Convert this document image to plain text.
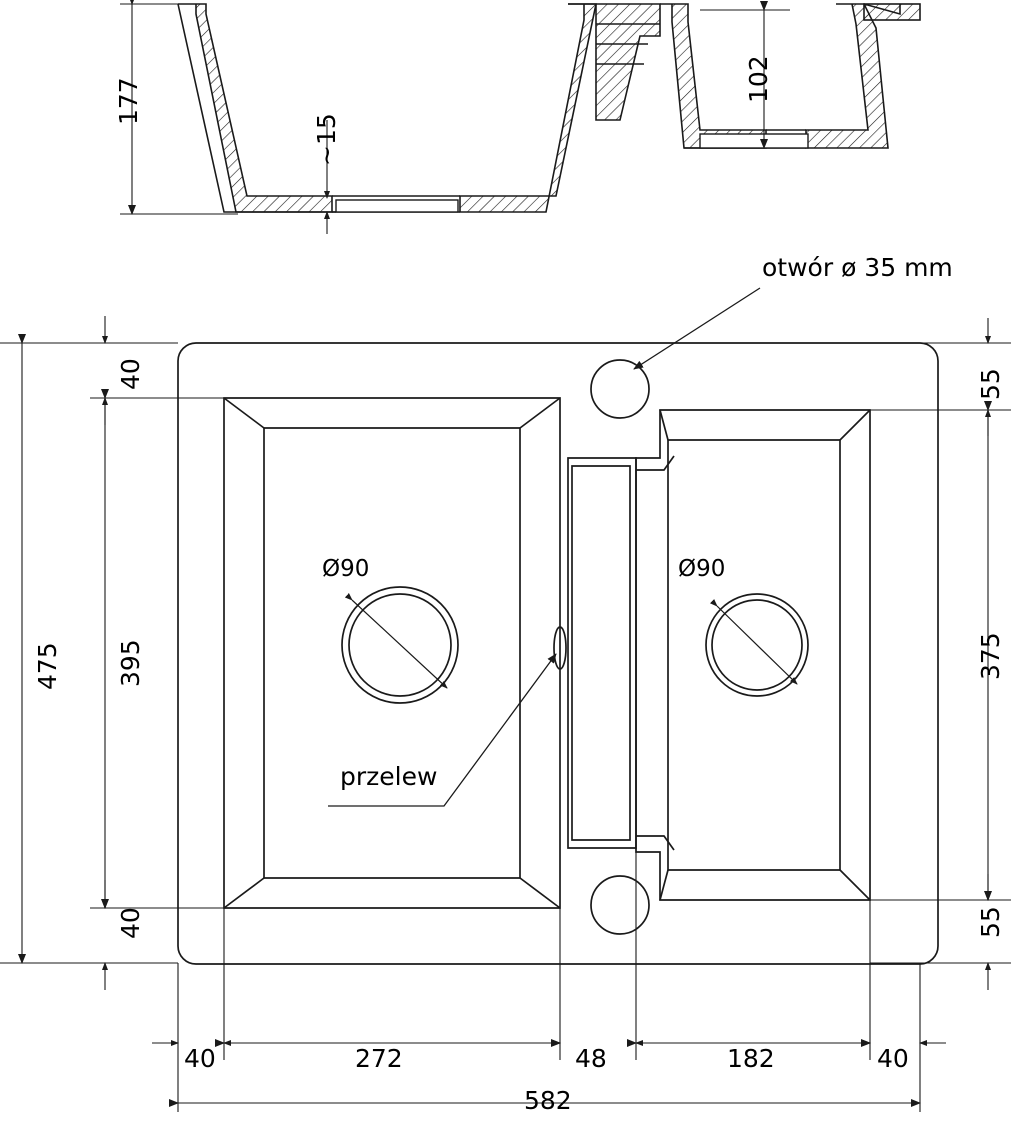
177
~15
102
40
395
40
475
55
375
55
40	272	48	182	40
582
otwór ø 35 mm
przelew
Ø90	Ø90
